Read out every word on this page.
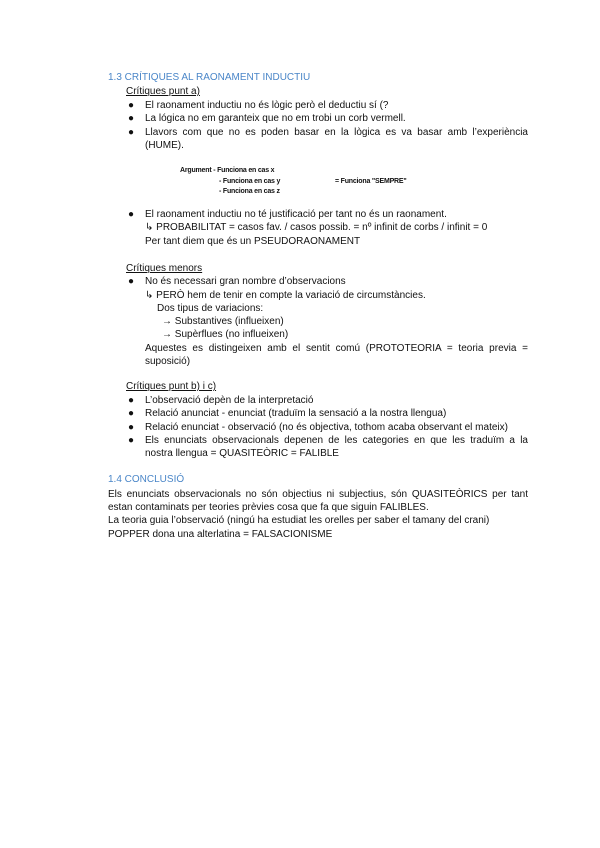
1.3 CRÍTIQUES AL RAONAMENT INDUCTIU
Crítiques punt a)
● El raonament inductiu no és lògic però el deductiu sí (?
● La lógica no em garanteix que no em trobi un corb vermell.
● Llavors com que no es poden basar en la lògica es va basar amb l’experiència (HUME).
Argument - Funciona en cas x
- Funciona en cas y
- Funciona en cas z
= Funciona "SEMPRE"
● El raonament inductiu no té justificació per tant no és un raonament.
↳ PROBABILITAT = casos fav. / casos possib. = nº infinit de corbs / infinit = 0
Per tant diem que és un PSEUDORAONAMENT
Crítiques menors
● No és necessari gran nombre d’observacions
↳ PERÒ hem de tenir en compte la variació de circumstàncies.
Dos tipus de variacions:
→ Substantives (influeixen)
→ Supèrflues (no influeixen)
Aquestes es distingeixen amb el sentit comú (PROTOTEORIA = teoria previa = suposició)
Crítiques punt b) i c)
● L’observació depèn de la interpretació
● Relació anunciat - enunciat (traduïm la sensació a la nostra llengua)
● Relació enunciat - observació (no és objectiva, tothom acaba observant el mateix)
● Els enunciats observacionals depenen de les categories en que les traduïm a la nostra llengua = QUASITEÒRIC = FALIBLE
1.4 CONCLUSIÓ
Els enunciats observacionals no són objectius ni subjectius, són QUASITEÒRICS per tant estan contaminats per teories prèvies cosa que fa que siguin FALIBLES.
La teoria guia l’observació (ningú ha estudiat les orelles per saber el tamany del crani)
POPPER dona una alterlatina = FALSACIONISME
